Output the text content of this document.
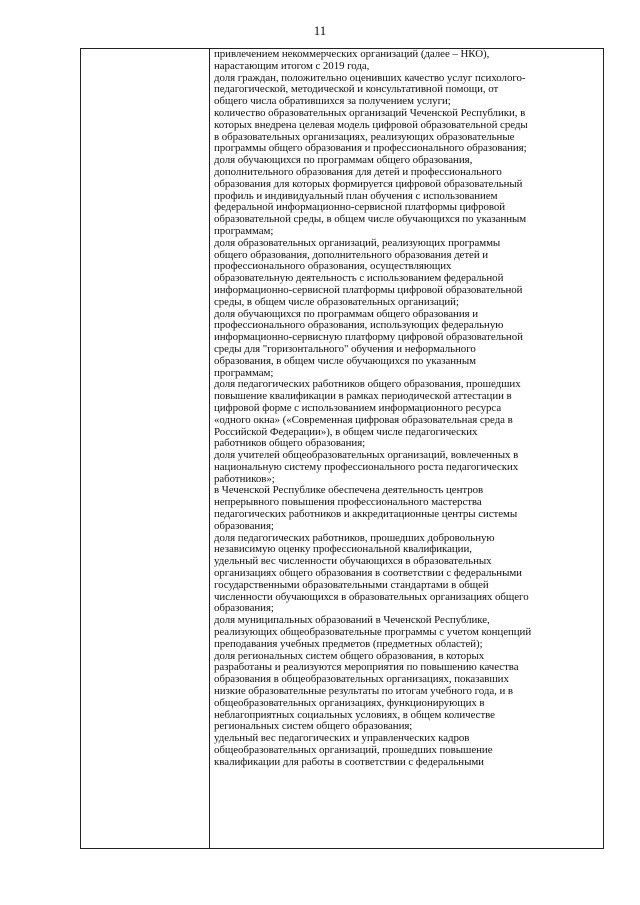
11

привлечением некоммерческих организаций (далее – НКО),
нарастающим итогом с 2019 года,
доля граждан, положительно оценивших качество услуг психолого-
педагогической, методической и консультативной помощи, от
общего числа обратившихся за получением услуги;
количество образовательных организаций Чеченской Республики, в
которых внедрена целевая модель цифровой образовательной среды
в образовательных организациях, реализующих образовательные
программы общего образования и профессионального образования;
доля обучающихся по программам общего образования,
дополнительного образования для детей и профессионального
образования для которых формируется цифровой образовательный
профиль и индивидуальный план обучения с использованием
федеральной информационно-сервисной платформы цифровой
образовательной среды, в общем числе обучающихся по указанным
программам;
доля образовательных организаций, реализующих программы
общего образования, дополнительного образования детей и
профессионального образования, осуществляющих
образовательную деятельность с использованием федеральной
информационно-сервисной платформы цифровой образовательной
среды, в общем числе образовательных организаций;
доля обучающихся по программам общего образования и
профессионального образования, использующих федеральную
информационно-сервисную платформу цифровой образовательной
среды для "горизонтального" обучения и неформального
образования, в общем числе обучающихся по указанным
программам;
доля педагогических работников общего образования, прошедших
повышение квалификации в рамках периодической аттестации в
цифровой форме с использованием информационного ресурса
«одного окна» («Современная цифровая образовательная среда в
Российской Федерации»), в общем числе педагогических
работников общего образования;
доля учителей общеобразовательных организаций, вовлеченных в
национальную систему профессионального роста педагогических
работников»;
в Чеченской Республике обеспечена деятельность центров
непрерывного повышения профессионального мастерства
педагогических работников и аккредитационные центры системы
образования;
доля педагогических работников, прошедших добровольную
независимую оценку профессиональной квалификации,
удельный вес численности обучающихся в образовательных
организациях общего образования в соответствии с федеральными
государственными образовательными стандартами в общей
численности обучающихся в образовательных организациях общего
образования;
доля муниципальных образований в Чеченской Республике,
реализующих общеобразовательные программы с учетом концепций
преподавания учебных предметов (предметных областей);
доля региональных систем общего образования, в которых
разработаны и реализуются мероприятия по повышению качества
образования в общеобразовательных организациях, показавших
низкие образовательные результаты по итогам учебного года, и в
общеобразовательных организациях, функционирующих в
неблагоприятных социальных условиях, в общем количестве
региональных систем общего образования;
удельный вес педагогических и управленческих кадров
общеобразовательных организаций, прошедших повышение
квалификации для работы в соответствии с федеральными
